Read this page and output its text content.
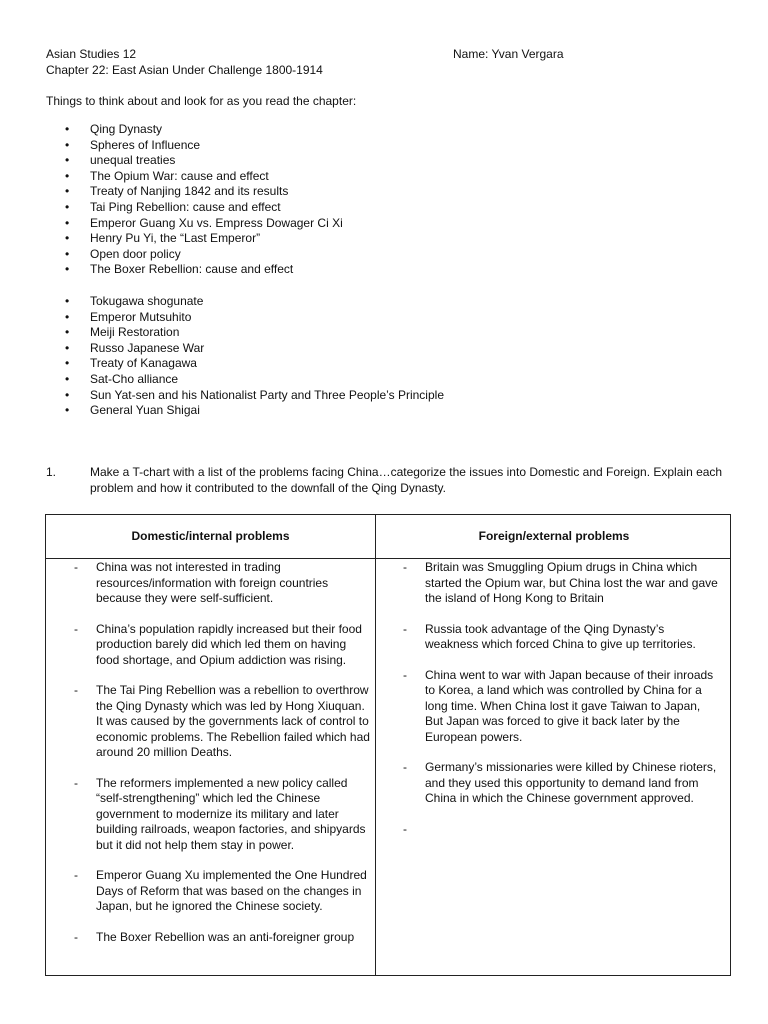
Asian Studies 12
Chapter 22: East Asian Under Challenge 1800-1914
Name: Yvan Vergara
Things to think about and look for as you read the chapter:
• Qing Dynasty
• Spheres of Influence
• unequal treaties
• The Opium War: cause and effect
• Treaty of Nanjing 1842 and its results
• Tai Ping Rebellion: cause and effect
• Emperor Guang Xu vs. Empress Dowager Ci Xi
• Henry Pu Yi, the “Last Emperor”
• Open door policy
• The Boxer Rebellion: cause and effect
• Tokugawa shogunate
• Emperor Mutsuhito
• Meiji Restoration
• Russo Japanese War
• Treaty of Kanagawa
• Sat-Cho alliance
• Sun Yat-sen and his Nationalist Party and Three People’s Principle
• General Yuan Shigai
1.	Make a T-chart with a list of the problems facing China…categorize the issues into Domestic and Foreign. Explain each problem and how it contributed to the downfall of the Qing Dynasty.
Domestic/internal problems	Foreign/external problems
- China was not interested in trading resources/information with foreign countries because they were self-sufficient.
- China’s population rapidly increased but their food production barely did which led them on having food shortage, and Opium addiction was rising.
- The Tai Ping Rebellion was a rebellion to overthrow the Qing Dynasty which was led by Hong Xiuquan. It was caused by the governments lack of control to economic problems. The Rebellion failed which had around 20 million Deaths.
- The reformers implemented a new policy called “self-strengthening” which led the Chinese government to modernize its military and later building railroads, weapon factories, and shipyards but it did not help them stay in power.
- Emperor Guang Xu implemented the One Hundred Days of Reform that was based on the changes in Japan, but he ignored the Chinese society.
- The Boxer Rebellion was an anti-foreigner group
- Britain was Smuggling Opium drugs in China which started the Opium war, but China lost the war and gave the island of Hong Kong to Britain
- Russia took advantage of the Qing Dynasty’s weakness which forced China to give up territories.
- China went to war with Japan because of their inroads to Korea, a land which was controlled by China for a long time. When China lost it gave Taiwan to Japan, But Japan was forced to give it back later by the European powers.
- Germany’s missionaries were killed by Chinese rioters, and they used this opportunity to demand land from China in which the Chinese government approved.
-
